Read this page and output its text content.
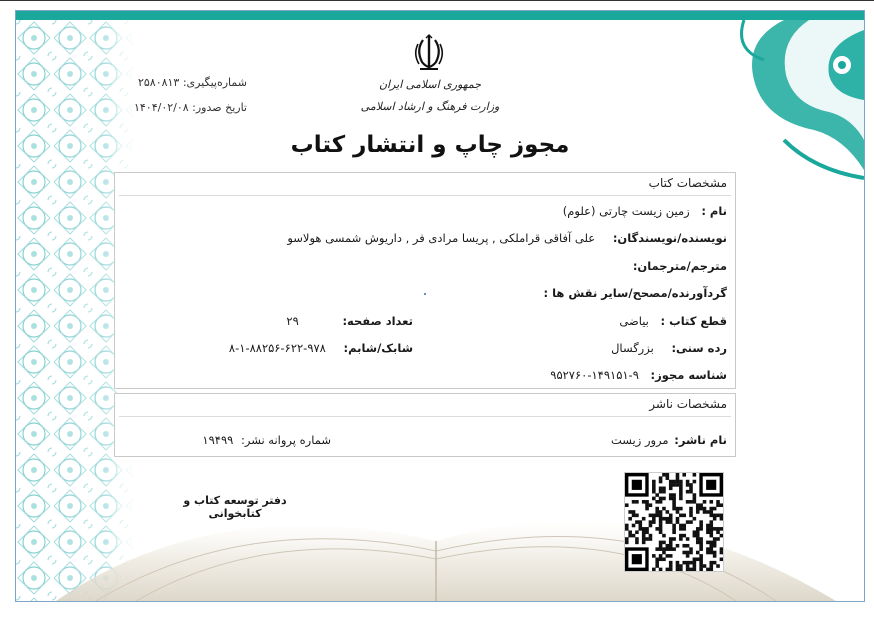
جمهوری اسلامی ایران
وزارت فرهنگ و ارشاد اسلامی
مجوز چاپ و انتشار کتاب
شماره‌پیگیری: ۲۵۸۰۸۱۳
تاریخ صدور: ۱۴۰۴/۰۲/۰۸
مشخصات کتاب
نام : زمین زیست چارتی (علوم)
نویسنده/نویسندگان: علی آفاقی قراملکی , پریسا مرادی فر , داریوش شمسی هولاسو
مترجم/مترجمان:
گردآورنده/مصحح/سایر نقش ها :
قطع کتاب : بیاضی
تعداد صفحه: ۲۹
رده سنی: بزرگسال
شابک/شابم: ۹۷۸-۶۲۲-۸۸۲۵۶-۱-۸
شناسه مجوز: ۹-۱۴۹۱۵۱-۹۵۲۷۶۰
مشخصات ناشر
نام ناشر: مرور زیست
شماره پروانه نشر: ۱۹۴۹۹
دفتر توسعه کتاب و کتابخوانی
